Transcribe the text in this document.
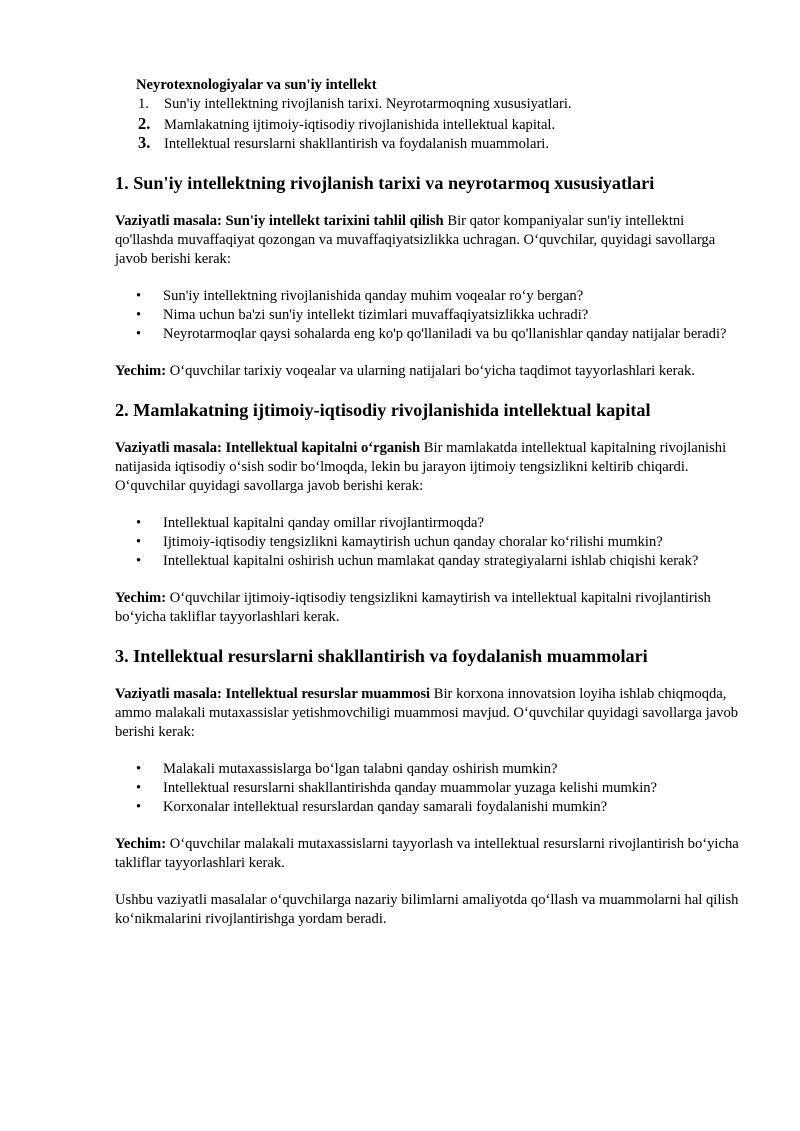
Neyrotexnologiyalar va sun'iy intellekt
1.	Sun'iy intellektning rivojlanish tarixi. Neyrotarmoqning xususiyatlari.
2. Mamlakatning ijtimoiy-iqtisodiy rivojlanishida intellektual kapital.
3. Intellektual resurslarni shakllantirish va foydalanish muammolari.
1. Sun'iy intellektning rivojlanish tarixi va neyrotarmoq xususiyatlari

Vaziyatli masala: Sun'iy intellekt tarixini tahlil qilish Bir qator kompaniyalar sun'iy intellektni qo'llashda muvaffaqiyat qozongan va muvaffaqiyatsizlikka uchragan. O‘quvchilar, quyidagi savollarga javob berishi kerak:

• Sun'iy intellektning rivojlanishida qanday muhim voqealar ro‘y bergan?
• Nima uchun ba'zi sun'iy intellekt tizimlari muvaffaqiyatsizlikka uchradi?
• Neyrotarmoqlar qaysi sohalarda eng ko'p qo'llaniladi va bu qo'llanishlar qanday natijalar beradi?

Yechim: O‘quvchilar tarixiy voqealar va ularning natijalari bo‘yicha taqdimot tayyorlashlari kerak.

2. Mamlakatning ijtimoiy-iqtisodiy rivojlanishida intellektual kapital

Vaziyatli masala: Intellektual kapitalni o‘rganish Bir mamlakatda intellektual kapitalning rivojlanishi natijasida iqtisodiy o‘sish sodir bo‘lmoqda, lekin bu jarayon ijtimoiy tengsizlikni keltirib chiqardi. O‘quvchilar quyidagi savollarga javob berishi kerak:

• Intellektual kapitalni qanday omillar rivojlantirmoqda?
• Ijtimoiy-iqtisodiy tengsizlikni kamaytirish uchun qanday choralar ko‘rilishi mumkin?
• Intellektual kapitalni oshirish uchun mamlakat qanday strategiyalarni ishlab chiqishi kerak?

Yechim: O‘quvchilar ijtimoiy-iqtisodiy tengsizlikni kamaytirish va intellektual kapitalni rivojlantirish bo‘yicha takliflar tayyorlashlari kerak.

3. Intellektual resurslarni shakllantirish va foydalanish muammolari

Vaziyatli masala: Intellektual resurslar muammosi Bir korxona innovatsion loyiha ishlab chiqmoqda, ammo malakali mutaxassislar yetishmovchiligi muammosi mavjud. O‘quvchilar quyidagi savollarga javob berishi kerak:

• Malakali mutaxassislarga bo‘lgan talabni qanday oshirish mumkin?
• Intellektual resurslarni shakllantirishda qanday muammolar yuzaga kelishi mumkin?
• Korxonalar intellektual resurslardan qanday samarali foydalanishi mumkin?

Yechim: O‘quvchilar malakali mutaxassislarni tayyorlash va intellektual resurslarni rivojlantirish bo‘yicha takliflar tayyorlashlari kerak.

Ushbu vaziyatli masalalar o‘quvchilarga nazariy bilimlarni amaliyotda qo‘llash va muammolarni hal qilish ko‘nikmalarini rivojlantirishga yordam beradi.
